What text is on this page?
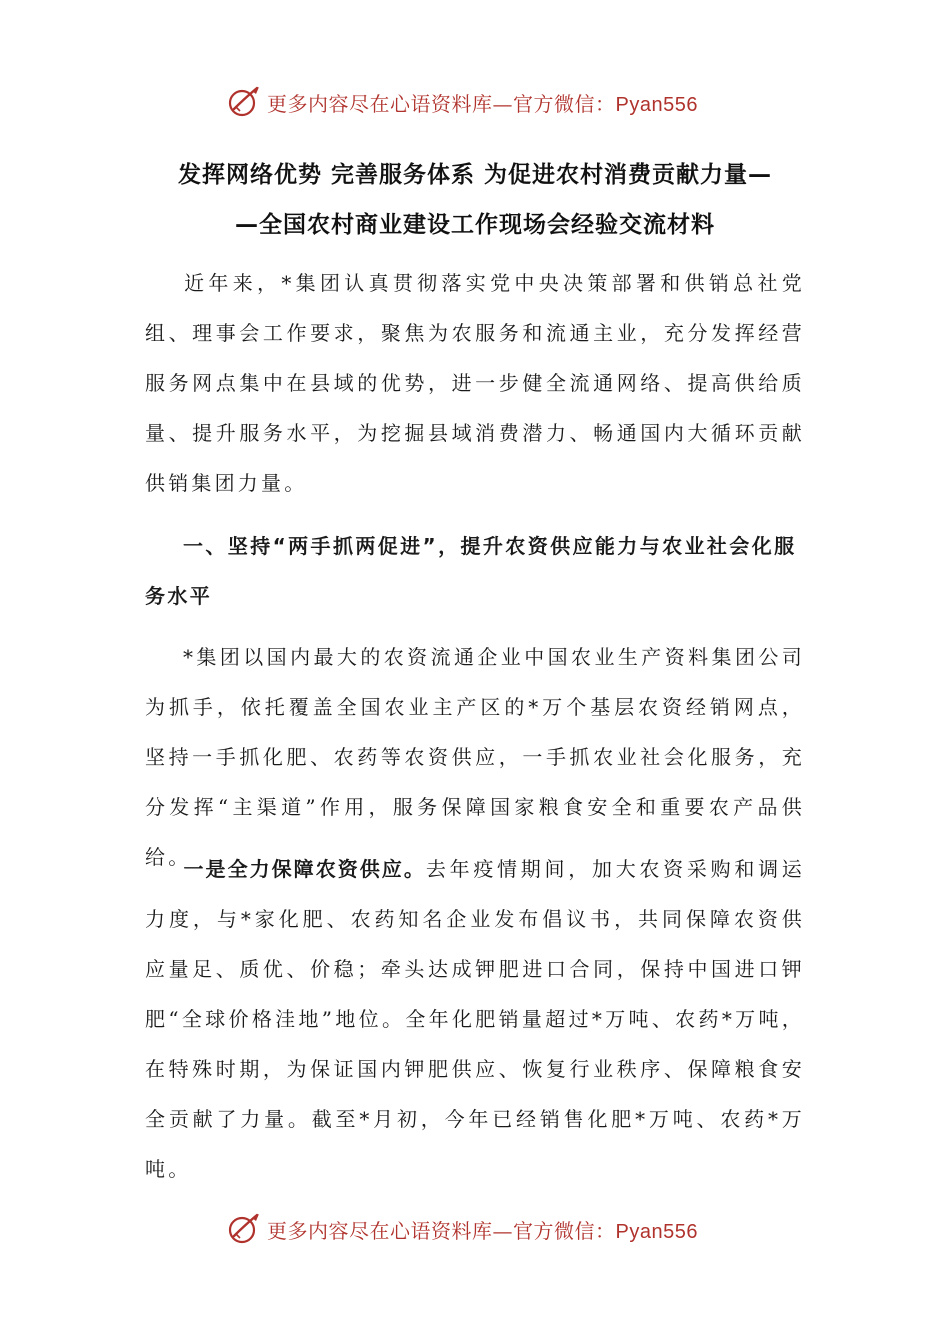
更多内容尽在心语资料库—官方微信：Pyan556
发挥网络优势 完善服务体系 为促进农村消费贡献力量—
—全国农村商业建设工作现场会经验交流材料

近年来，*集团认真贯彻落实党中央决策部署和供销总社党组、理事会工作要求，聚焦为农服务和流通主业，充分发挥经营服务网点集中在县域的优势，进一步健全流通网络、提高供给质量、提升服务水平，为挖掘县域消费潜力、畅通国内大循环贡献供销集团力量。

一、坚持“两手抓两促进”，提升农资供应能力与农业社会化服务水平

*集团以国内最大的农资流通企业中国农业生产资料集团公司为抓手，依托覆盖全国农业主产区的*万个基层农资经销网点，坚持一手抓化肥、农药等农资供应，一手抓农业社会化服务，充分发挥“主渠道”作用，服务保障国家粮食安全和重要农产品供给。

一是全力保障农资供应。去年疫情期间，加大农资采购和调运力度，与*家化肥、农药知名企业发布倡议书，共同保障农资供应量足、质优、价稳；牵头达成钾肥进口合同，保持中国进口钾肥“全球价格洼地”地位。全年化肥销量超过*万吨、农药*万吨，在特殊时期，为保证国内钾肥供应、恢复行业秩序、保障粮食安全贡献了力量。截至*月初，今年已经销售化肥*万吨、农药*万吨。

更多内容尽在心语资料库—官方微信：Pyan556
